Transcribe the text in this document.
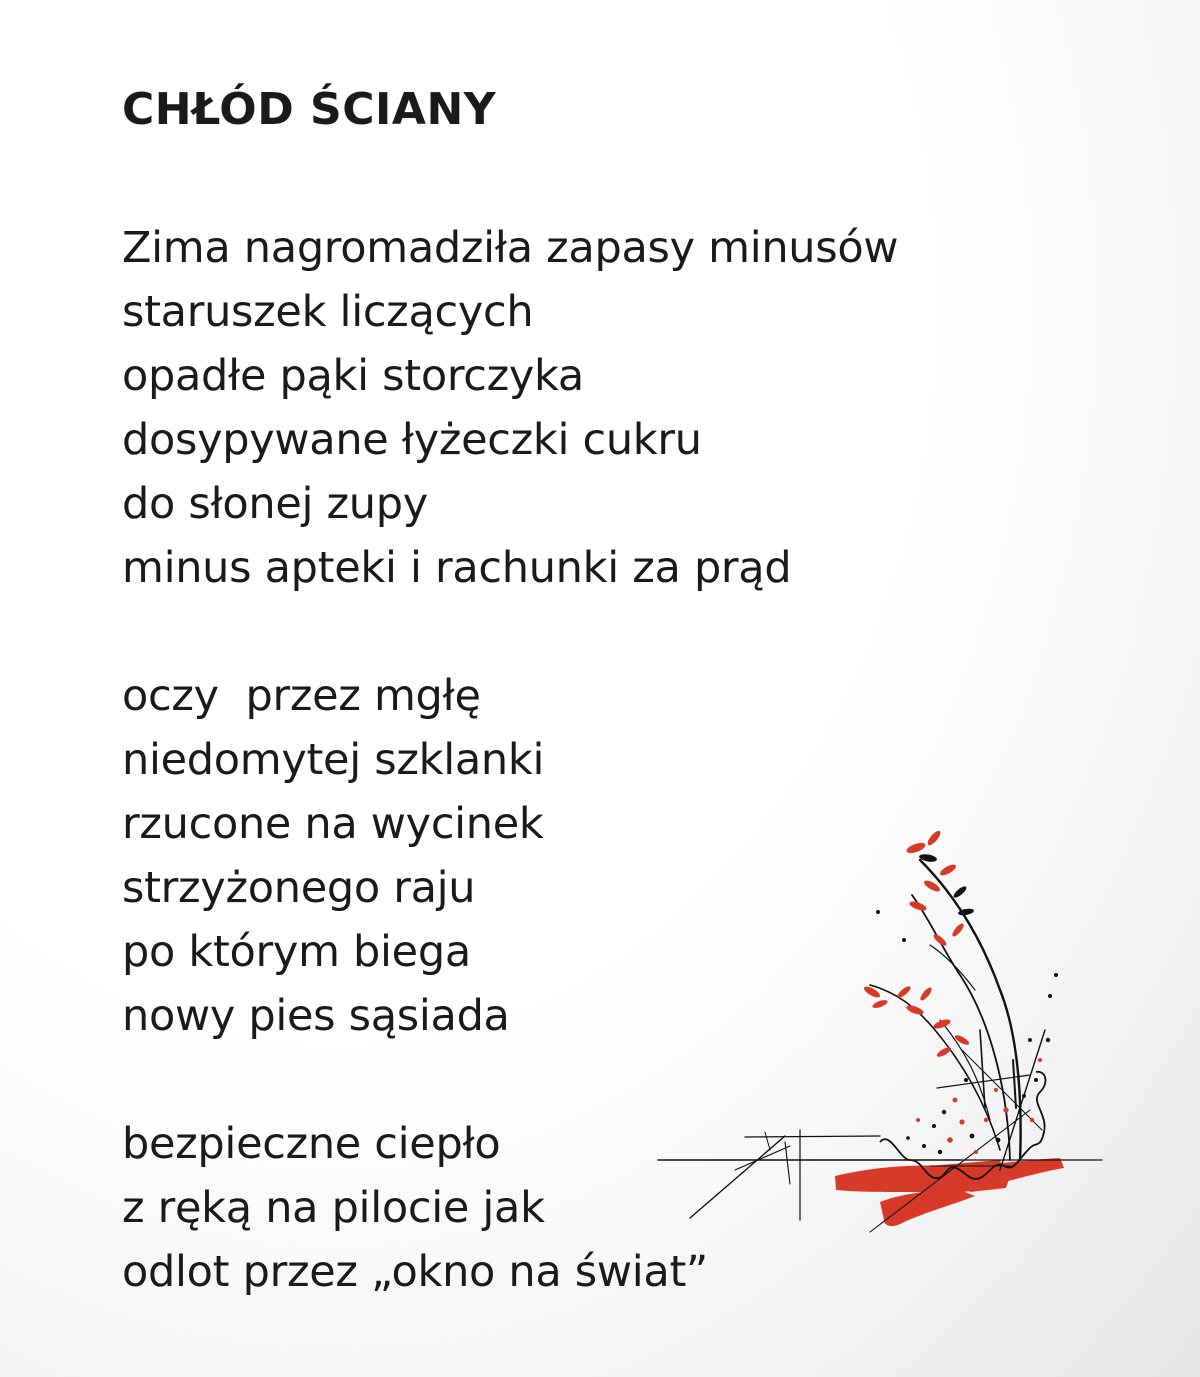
CHŁÓD ŚCIANY
Zima nagromadziła zapasy minusów
staruszek liczących
opadłe pąki storczyka
dosypywane łyżeczki cukru
do słonej zupy
minus apteki i rachunki za prąd
oczy  przez mgłę
niedomytej szklanki
rzucone na wycinek
strzyżonego raju
po którym biega
nowy pies sąsiada
bezpieczne ciepło
z ręką na pilocie jak
odlot przez „okno na świat”
